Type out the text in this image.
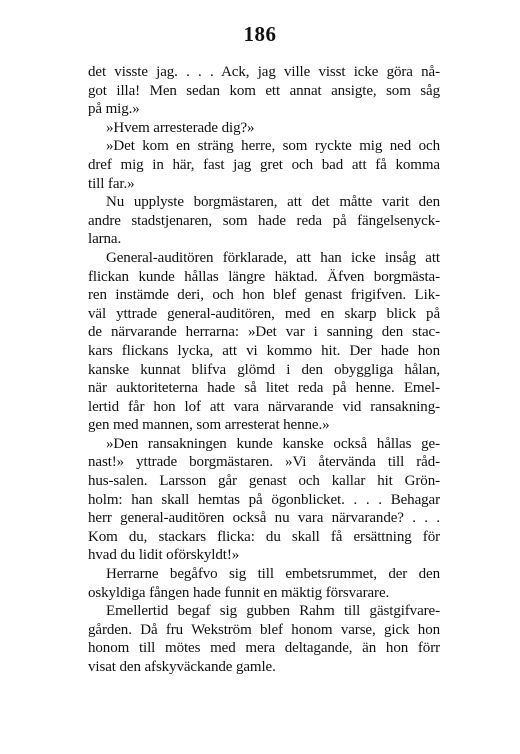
186
det visste jag. . . . Ack, jag ville visst icke göra nå-
got illa! Men sedan kom ett annat ansigte, som såg
på mig.»
»Hvem arresterade dig?»
»Det kom en sträng herre, som ryckte mig ned och
dref mig in här, fast jag gret och bad att få komma
till far.»
Nu upplyste borgmästaren, att det måtte varit den
andre stadstjenaren, som hade reda på fängelsenyck-
larna.
General-auditören förklarade, att han icke insåg att
flickan kunde hållas längre häktad. Äfven borgmästa-
ren instämde deri, och hon blef genast frigifven. Lik-
väl yttrade general-auditören, med en skarp blick på
de närvarande herrarna: »Det var i sanning den stac-
kars flickans lycka, att vi kommo hit. Der hade hon
kanske kunnat blifva glömd i den obyggliga hålan,
när auktoriteterna hade så litet reda på henne. Emel-
lertid får hon lof att vara närvarande vid ransakning-
gen med mannen, som arresterat henne.»
»Den ransakningen kunde kanske också hållas ge-
nast!» yttrade borgmästaren. »Vi återvända till råd-
hus-salen. Larsson går genast och kallar hit Grön-
holm: han skall hemtas på ögonblicket. . . . Behagar
herr general-auditören också nu vara närvarande? . . .
Kom du, stackars flicka: du skall få ersättning för
hvad du lidit oförskyldt!»
Herrarne begåfvo sig till embetsrummet, der den
oskyldiga fången hade funnit en mäktig försvarare.
Emellertid begaf sig gubben Rahm till gästgifvare-
gården. Då fru Wekström blef honom varse, gick hon
honom till mötes med mera deltagande, än hon förr
visat den afskyväckande gamle.
